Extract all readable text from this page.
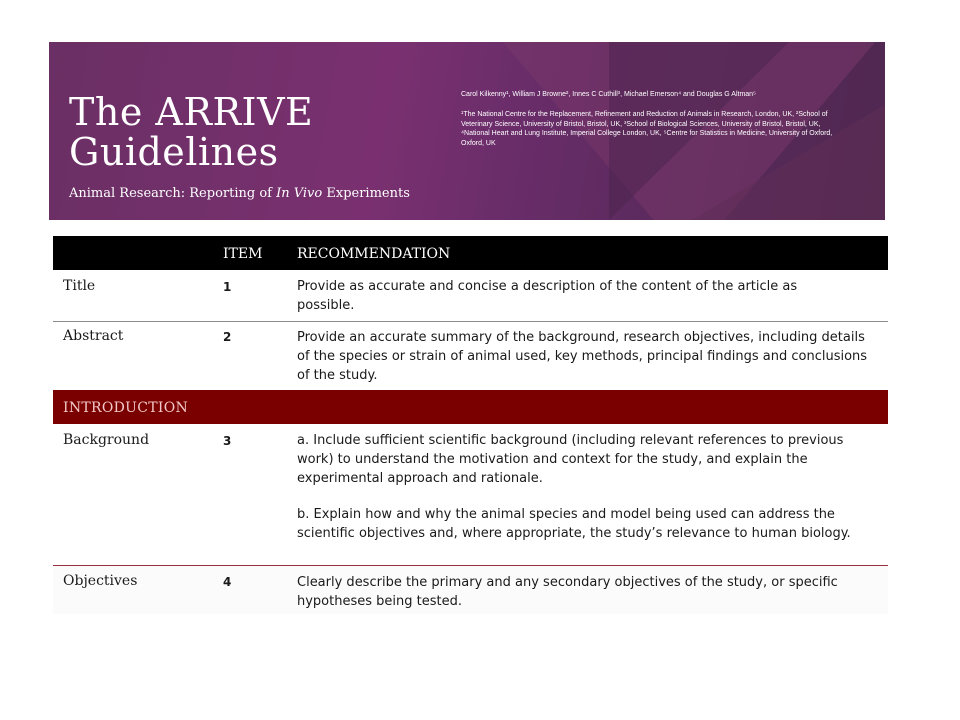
The ARRIVE
Guidelines
Animal Research: Reporting of In Vivo Experiments
Carol Kilkenny¹, William J Browne², Innes C Cuthill³, Michael Emerson⁴ and Douglas G Altman⁵
¹The National Centre for the Replacement, Refinement and Reduction of Animals in Research, London, UK, ²School of Veterinary Science, University of Bristol, Bristol, UK, ³School of Biological Sciences, University of Bristol, Bristol, UK, ⁴National Heart and Lung Institute, Imperial College London, UK, ⁵Centre for Statistics in Medicine, University of Oxford, Oxford, UK
ITEM RECOMMENDATION
Title	1	Provide as accurate and concise a description of the content of the article as possible.
Abstract	2	Provide an accurate summary of the background, research objectives, including details of the species or strain of animal used, key methods, principal findings and conclusions of the study.
INTRODUCTION
Background	3	a. Include sufficient scientific background (including relevant references to previous work) to understand the motivation and context for the study, and explain the experimental approach and rationale.
b. Explain how and why the animal species and model being used can address the scientific objectives and, where appropriate, the study’s relevance to human biology.
Objectives	4	Clearly describe the primary and any secondary objectives of the study, or specific hypotheses being tested.
